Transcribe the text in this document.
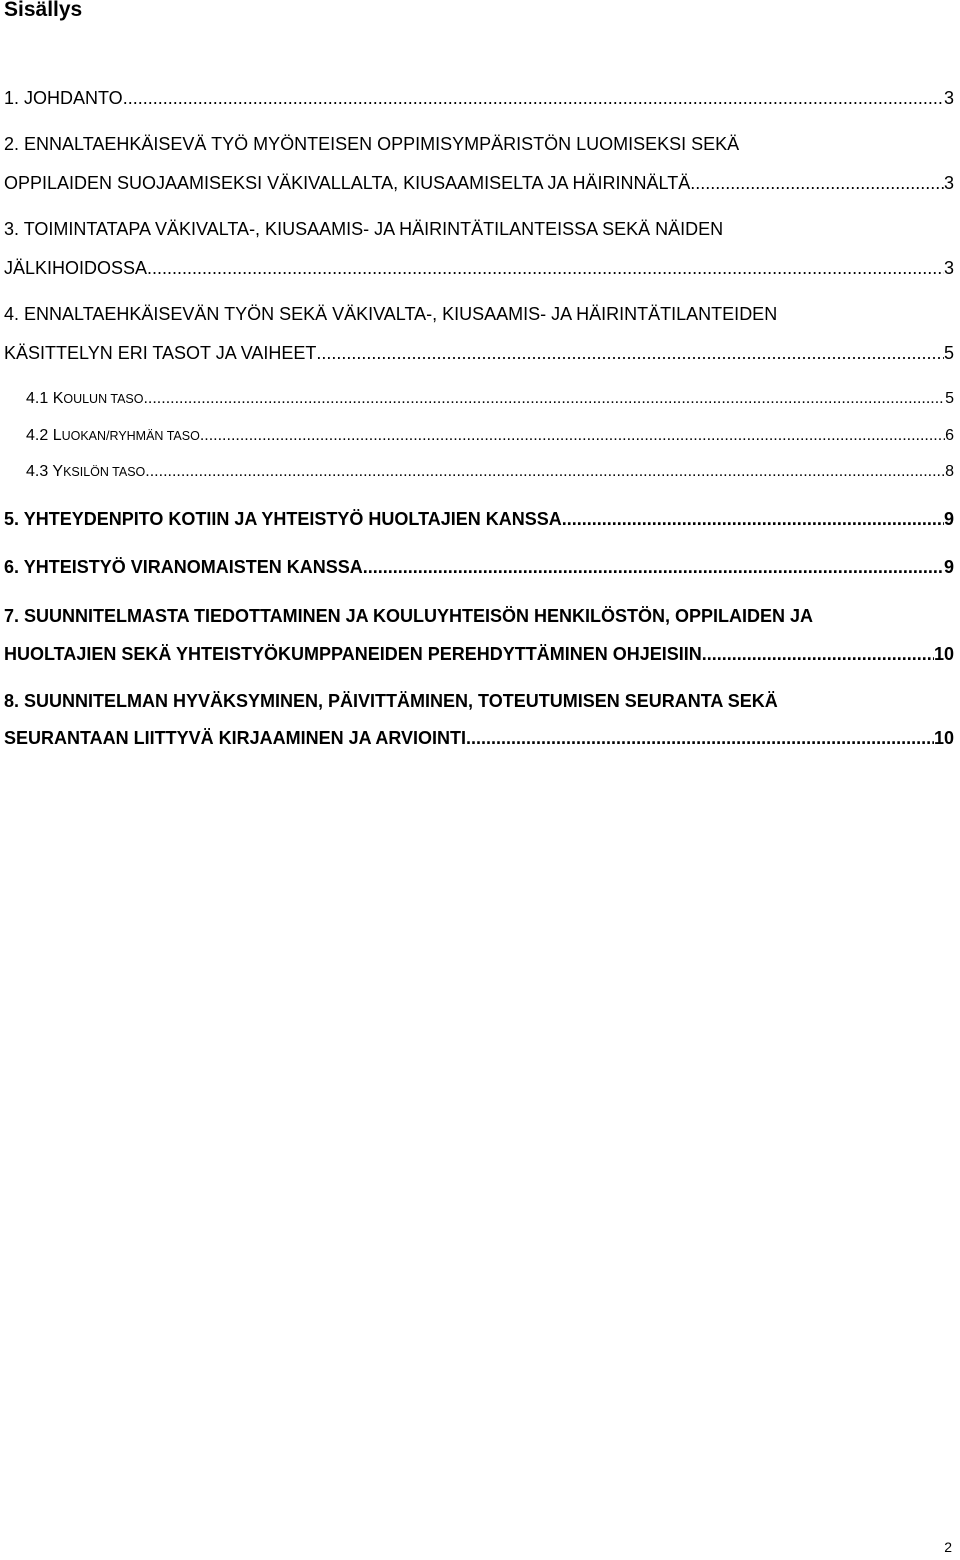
Sisällys
1. JOHDANTO .....	3
2. ENNALTAEHKÄISEVÄ TYÖ MYÖNTEISEN OPPIMISYMPÄRISTÖN LUOMISEKSI SEKÄ
OPPILAIDEN SUOJAAMISEKSI VÄKIVALLALTA, KIUSAAMISELTA JA HÄIRINNÄLTÄ .....	3
3. TOIMINTATAPA VÄKIVALTA-, KIUSAAMIS- JA HÄIRINTÄTILANTEISSA SEKÄ NÄIDEN
JÄLKIHOIDOSSA .....	3
4. ENNALTAEHKÄISEVÄN TYÖN SEKÄ VÄKIVALTA-, KIUSAAMIS- JA HÄIRINTÄTILANTEIDEN
KÄSITTELYN ERI TASOT JA VAIHEET .....	5
4.1 KOULUN TASO .....	5
4.2 LUOKAN/RYHMÄN TASO .....	6
4.3 YKSILÖN TASO .....	8
5. YHTEYDENPITO KOTIIN JA YHTEISTYÖ HUOLTAJIEN KANSSA .....	9
6. YHTEISTYÖ VIRANOMAISTEN KANSSA .....	9
7. SUUNNITELMASTA TIEDOTTAMINEN JA KOULUYHTEISÖN HENKILÖSTÖN, OPPILAIDEN JA
HUOLTAJIEN SEKÄ YHTEISTYÖKUMPPANEIDEN PEREHDYTTÄMINEN OHJEISIIN .....	10
8. SUUNNITELMAN HYVÄKSYMINEN, PÄIVITTÄMINEN, TOTEUTUMISEN SEURANTA SEKÄ
SEURANTAAN LIITTYVÄ KIRJAAMINEN JA ARVIOINTI .....	10
2
